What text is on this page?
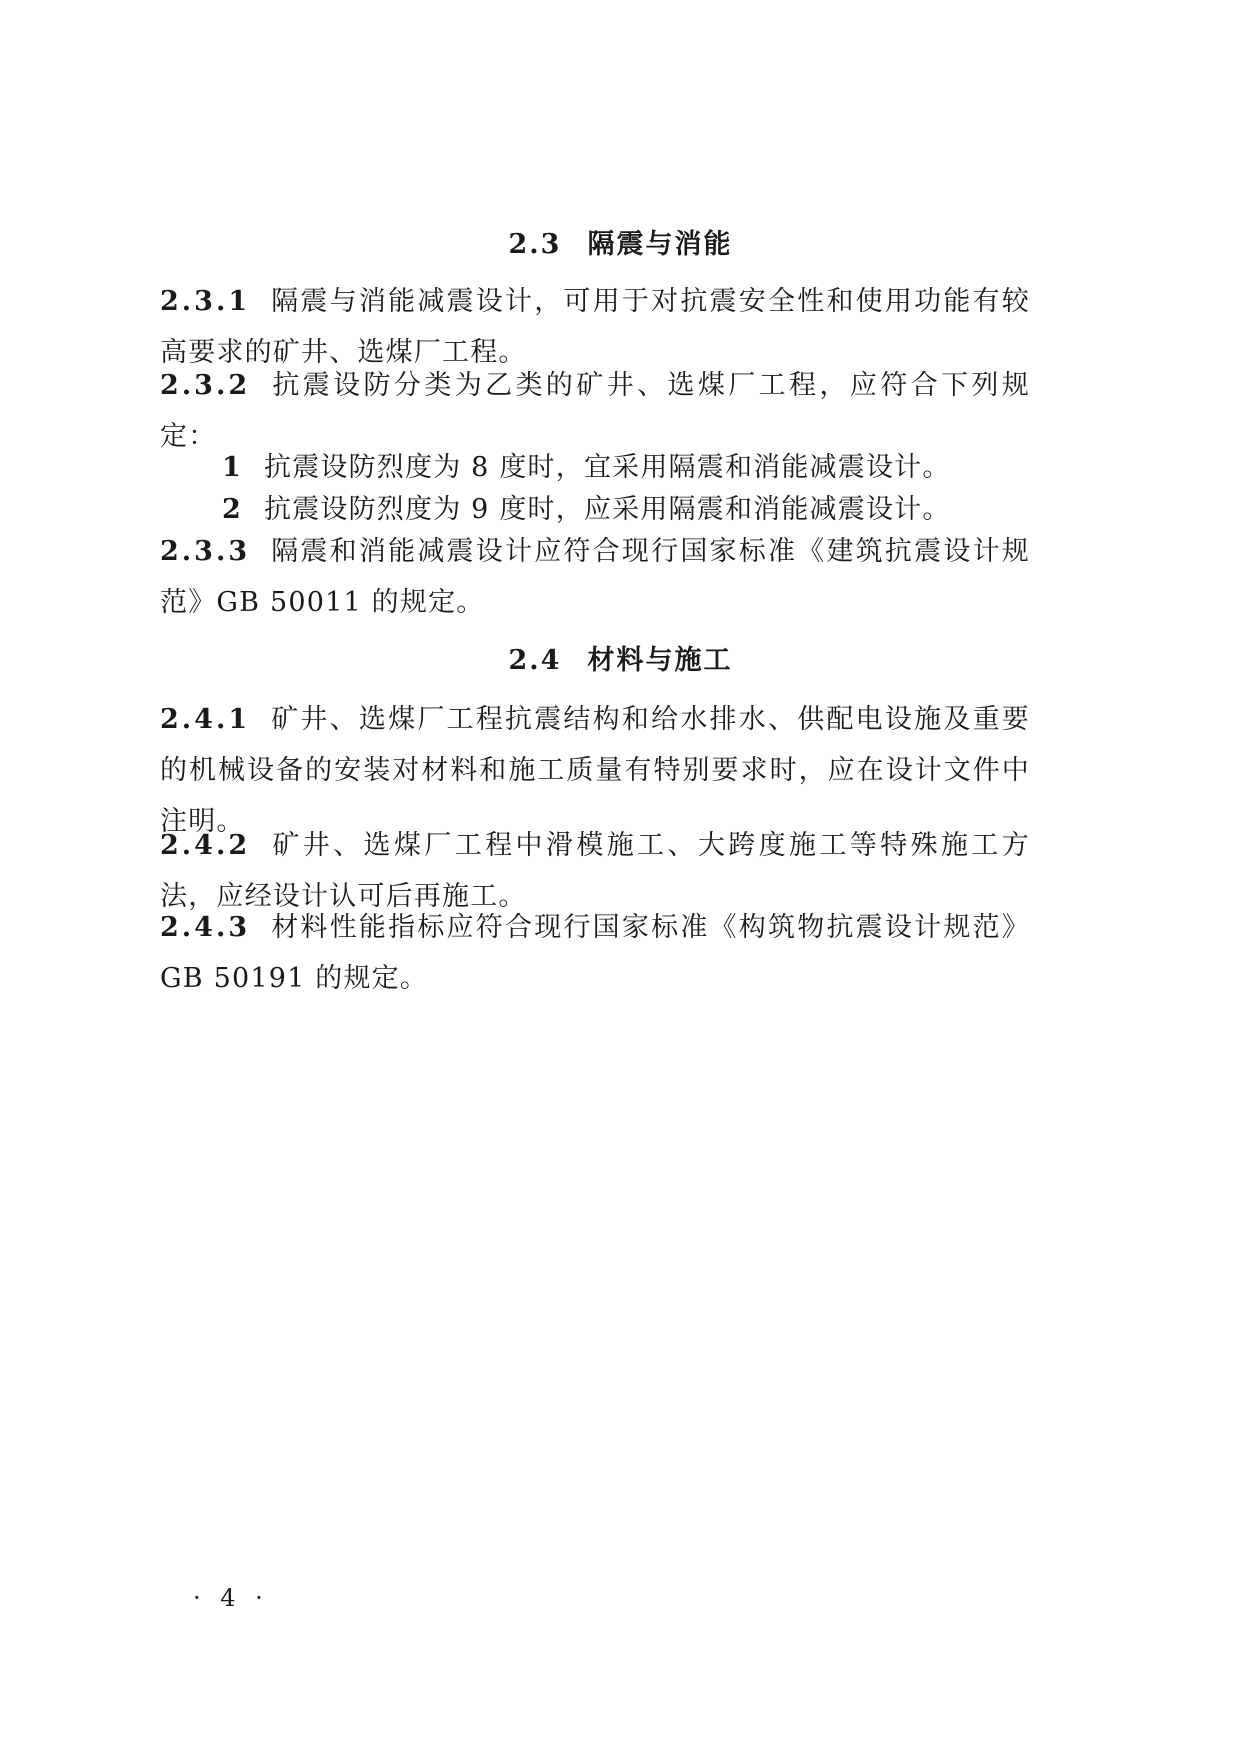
2.3 隔震与消能
2.3.1 隔震与消能减震设计，可用于对抗震安全性和使用功能有较高要求的矿井、选煤厂工程。
2.3.2 抗震设防分类为乙类的矿井、选煤厂工程，应符合下列规定：
1 抗震设防烈度为 8 度时，宜采用隔震和消能减震设计。
2 抗震设防烈度为 9 度时，应采用隔震和消能减震设计。
2.3.3 隔震和消能减震设计应符合现行国家标准《建筑抗震设计规范》GB 50011 的规定。
2.4 材料与施工
2.4.1 矿井、选煤厂工程抗震结构和给水排水、供配电设施及重要的机械设备的安装对材料和施工质量有特别要求时，应在设计文件中注明。
2.4.2 矿井、选煤厂工程中滑模施工、大跨度施工等特殊施工方法，应经设计认可后再施工。
2.4.3 材料性能指标应符合现行国家标准《构筑物抗震设计规范》GB 50191 的规定。
· 4 ·
